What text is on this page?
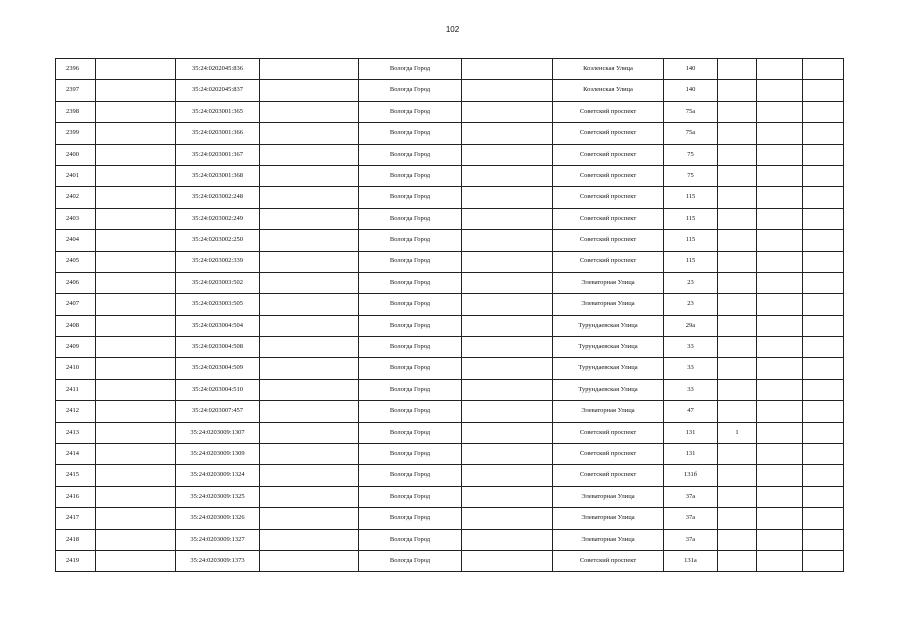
102
2396		35:24:0202045:836		Вологда Город		Козленская Улица	140			
2397		35:24:0202045:837		Вологда Город		Козленская Улица	140			
2398		35:24:0203001:365		Вологда Город		Советский проспект	75а			
2399		35:24:0203001:366		Вологда Город		Советский проспект	75а			
2400		35:24:0203001:367		Вологда Город		Советский проспект	75			
2401		35:24:0203001:368		Вологда Город		Советский проспект	75			
2402		35:24:0203002:248		Вологда Город		Советский проспект	115			
2403		35:24:0203002:249		Вологда Город		Советский проспект	115			
2404		35:24:0203002:250		Вологда Город		Советский проспект	115			
2405		35:24:0203002:339		Вологда Город		Советский проспект	115			
2406		35:24:0203003:502		Вологда Город		Элеваторная Улица	23			
2407		35:24:0203003:505		Вологда Город		Элеваторная Улица	23			
2408		35:24:0203004:504		Вологда Город		Турундаевская Улица	29а			
2409		35:24:0203004:508		Вологда Город		Турундаевская Улица	33			
2410		35:24:0203004:509		Вологда Город		Турундаевская Улица	33			
2411		35:24:0203004:510		Вологда Город		Турундаевская Улица	33			
2412		35:24:0203007:457		Вологда Город		Элеваторная Улица	47			
2413		35:24:0203009:1307		Вологда Город		Советский проспект	131	1		
2414		35:24:0203009:1309		Вологда Город		Советский проспект	131			
2415		35:24:0203009:1324		Вологда Город		Советский проспект	131б			
2416		35:24:0203009:1325		Вологда Город		Элеваторная Улица	37а			
2417		35:24:0203009:1326		Вологда Город		Элеваторная Улица	37а			
2418		35:24:0203009:1327		Вологда Город		Элеваторная Улица	37а			
2419		35:24:0203009:1373		Вологда Город		Советский проспект	131а			
